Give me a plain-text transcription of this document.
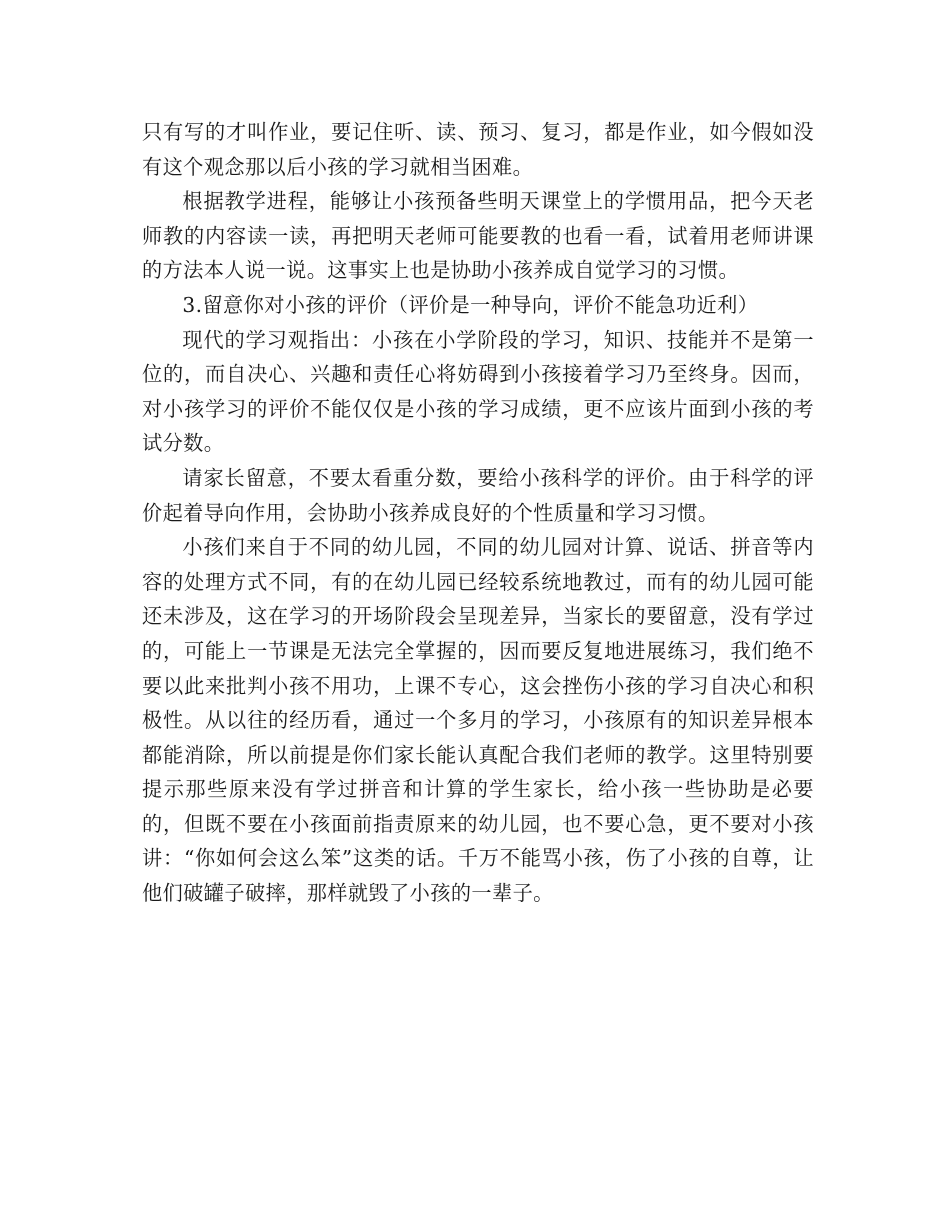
只有写的才叫作业，要记住听、读、预习、复习，都是作业，如今假如没有这个观念那以后小孩的学习就相当困难。

根据教学进程，能够让小孩预备些明天课堂上的学惯用品，把今天老师教的内容读一读，再把明天老师可能要教的也看一看，试着用老师讲课的方法本人说一说。这事实上也是协助小孩养成自觉学习的习惯。

3.留意你对小孩的评价（评价是一种导向，评价不能急功近利）

现代的学习观指出：小孩在小学阶段的学习，知识、技能并不是第一位的，而自决心、兴趣和责任心将妨碍到小孩接着学习乃至终身。因而，对小孩学习的评价不能仅仅是小孩的学习成绩，更不应该片面到小孩的考试分数。

请家长留意，不要太看重分数，要给小孩科学的评价。由于科学的评价起着导向作用，会协助小孩养成良好的个性质量和学习习惯。

小孩们来自于不同的幼儿园，不同的幼儿园对计算、说话、拼音等内容的处理方式不同，有的在幼儿园已经较系统地教过，而有的幼儿园可能还未涉及，这在学习的开场阶段会呈现差异，当家长的要留意，没有学过的，可能上一节课是无法完全掌握的，因而要反复地进展练习，我们绝不要以此来批判小孩不用功，上课不专心，这会挫伤小孩的学习自决心和积极性。从以往的经历看，通过一个多月的学习，小孩原有的知识差异根本都能消除，所以前提是你们家长能认真配合我们老师的教学。这里特别要提示那些原来没有学过拼音和计算的学生家长，给小孩一些协助是必要的，但既不要在小孩面前指责原来的幼儿园，也不要心急，更不要对小孩讲：“你如何会这么笨”这类的话。千万不能骂小孩，伤了小孩的自尊，让他们破罐子破摔，那样就毁了小孩的一辈子。
